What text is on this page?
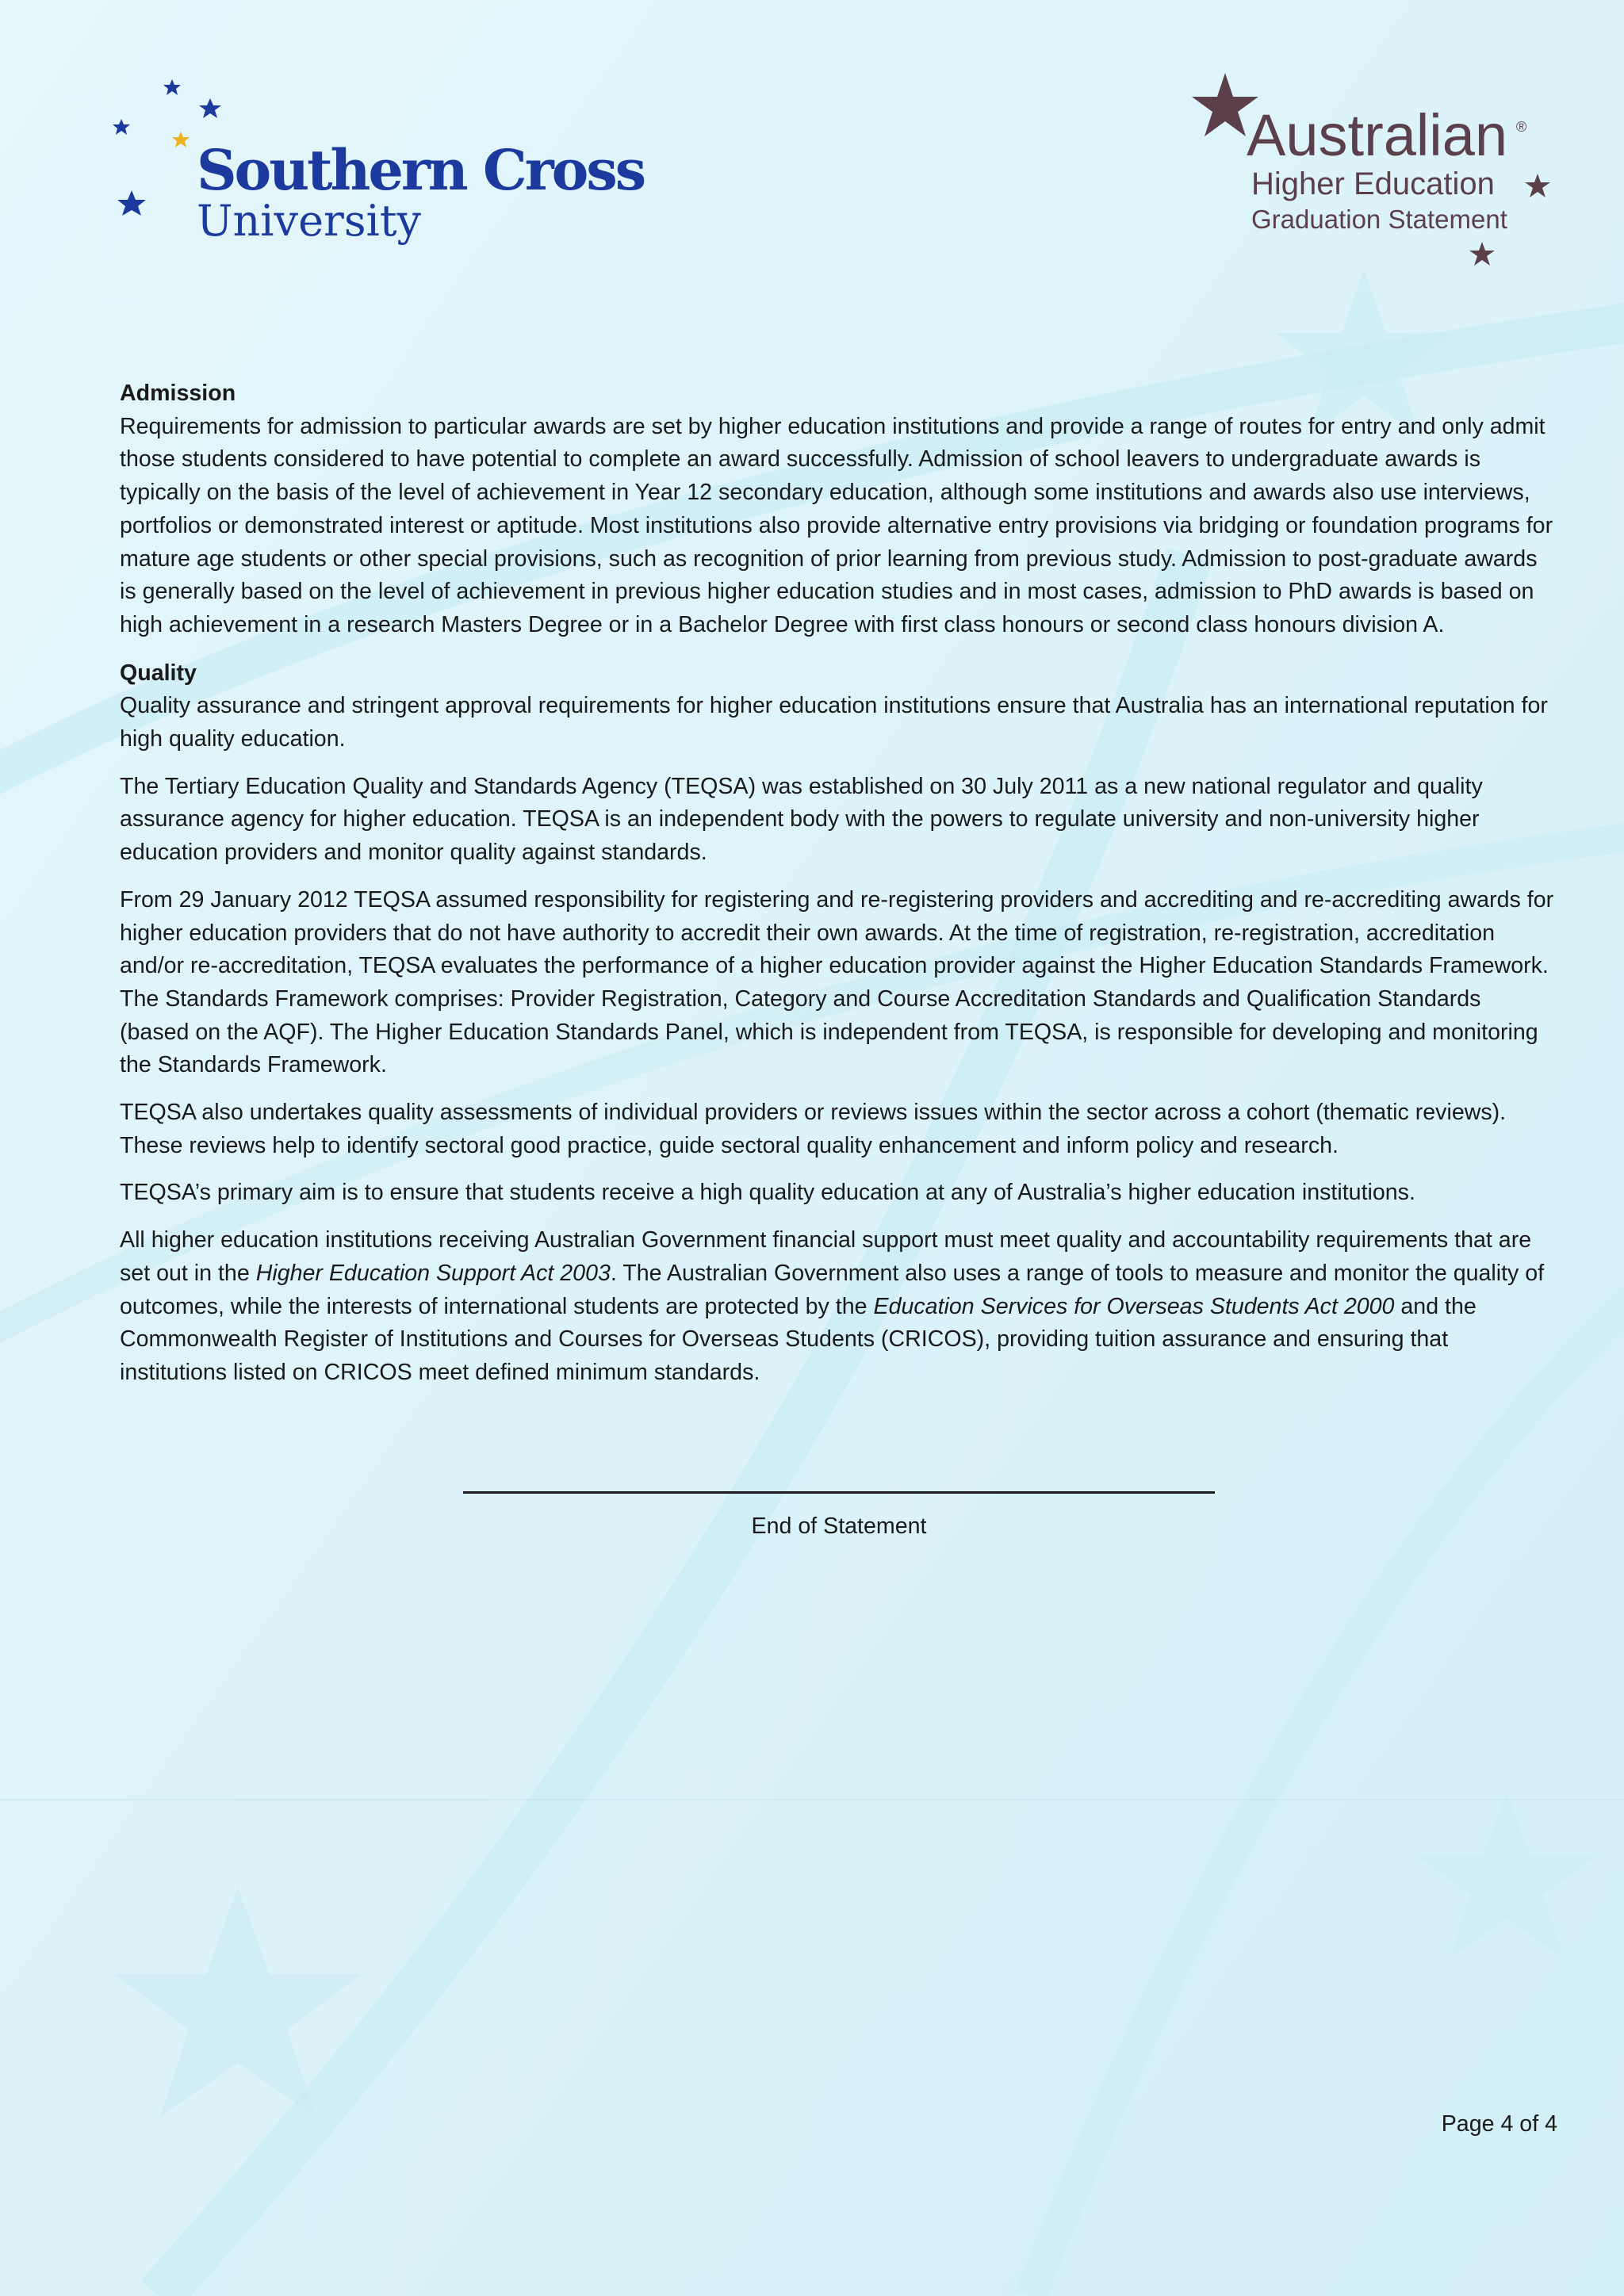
Southern Cross
University
Australian ®
Higher Education
Graduation Statement

Admission

Requirements for admission to particular awards are set by higher education institutions and provide a range of routes for entry and only admit those students considered to have potential to complete an award successfully. Admission of school leavers to undergraduate awards is typically on the basis of the level of achievement in Year 12 secondary education, although some institutions and awards also use interviews, portfolios or demonstrated interest or aptitude. Most institutions also provide alternative entry provisions via bridging or foundation programs for mature age students or other special provisions, such as recognition of prior learning from previous study. Admission to post-graduate awards is generally based on the level of achievement in previous higher education studies and in most cases, admission to PhD awards is based on high achievement in a research Masters Degree or in a Bachelor Degree with first class honours or second class honours division A.

Quality

Quality assurance and stringent approval requirements for higher education institutions ensure that Australia has an international reputation for high quality education.

The Tertiary Education Quality and Standards Agency (TEQSA) was established on 30 July 2011 as a new national regulator and quality assurance agency for higher education. TEQSA is an independent body with the powers to regulate university and non-university higher education providers and monitor quality against standards.

From 29 January 2012 TEQSA assumed responsibility for registering and re-registering providers and accrediting and re-accrediting awards for higher education providers that do not have authority to accredit their own awards. At the time of registration, re-registration, accreditation and/or re-accreditation, TEQSA evaluates the performance of a higher education provider against the Higher Education Standards Framework. The Standards Framework comprises: Provider Registration, Category and Course Accreditation Standards and Qualification Standards (based on the AQF). The Higher Education Standards Panel, which is independent from TEQSA, is responsible for developing and monitoring the Standards Framework.

TEQSA also undertakes quality assessments of individual providers or reviews issues within the sector across a cohort (thematic reviews). These reviews help to identify sectoral good practice, guide sectoral quality enhancement and inform policy and research.

TEQSA’s primary aim is to ensure that students receive a high quality education at any of Australia’s higher education institutions.

All higher education institutions receiving Australian Government financial support must meet quality and accountability requirements that are set out in the Higher Education Support Act 2003. The Australian Government also uses a range of tools to measure and monitor the quality of outcomes, while the interests of international students are protected by the Education Services for Overseas Students Act 2000 and the Commonwealth Register of Institutions and Courses for Overseas Students (CRICOS), providing tuition assurance and ensuring that institutions listed on CRICOS meet defined minimum standards.

End of Statement
Page 4 of 4
